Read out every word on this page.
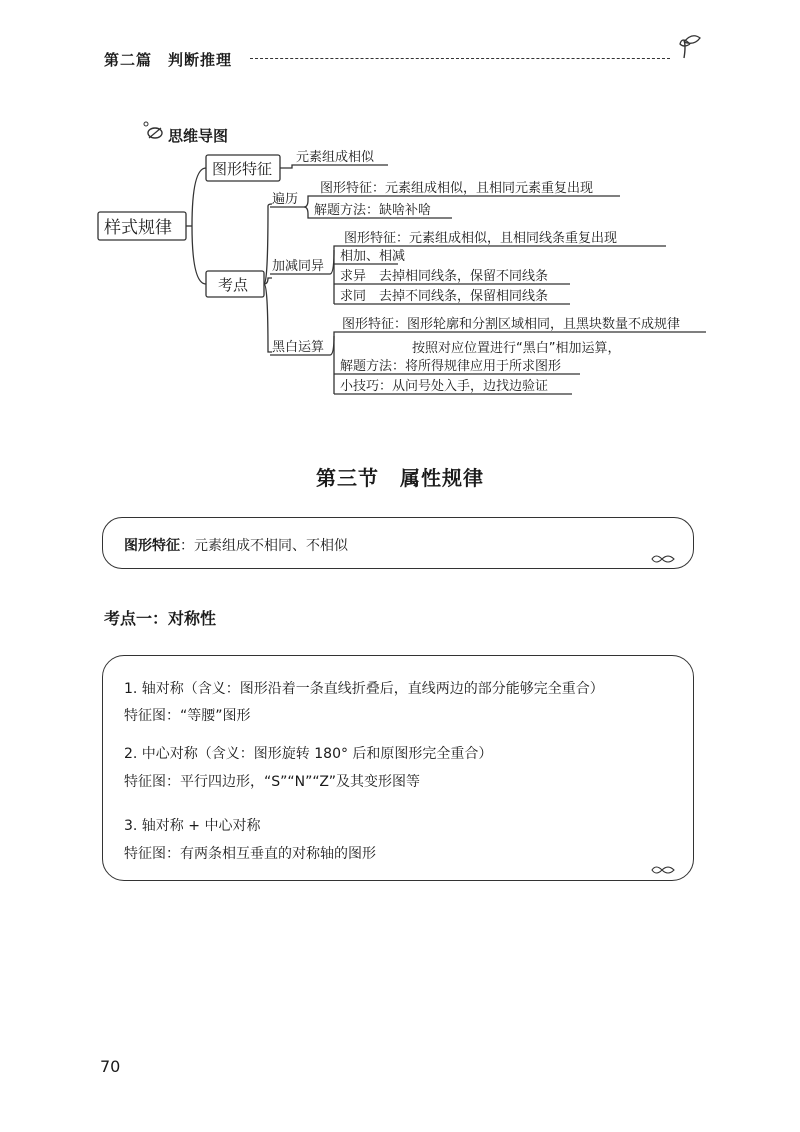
第二篇　判断推理
思维导图
样式规律
图形特征
元素组成相似
考点
遍历
图形特征：元素组成相似，且相同元素重复出现
解题方法：缺啥补啥
加减同异
图形特征：元素组成相似，且相同线条重复出现
相加、相减
求异　去掉相同线条，保留不同线条
求同　去掉不同线条，保留相同线条
黑白运算
图形特征：图形轮廓和分割区域相同，且黑块数量不成规律
按照对应位置进行“黑白”相加运算，
解题方法：将所得规律应用于所求图形
小技巧：从问号处入手，边找边验证
第三节　属性规律
图形特征：元素组成不相同、不相似
考点一：对称性
1. 轴对称（含义：图形沿着一条直线折叠后，直线两边的部分能够完全重合）
特征图：“等腰”图形
2. 中心对称（含义：图形旋转 180° 后和原图形完全重合）
特征图：平行四边形，“S”“N”“Z”及其变形图等
3. 轴对称 + 中心对称
特征图：有两条相互垂直的对称轴的图形
70
